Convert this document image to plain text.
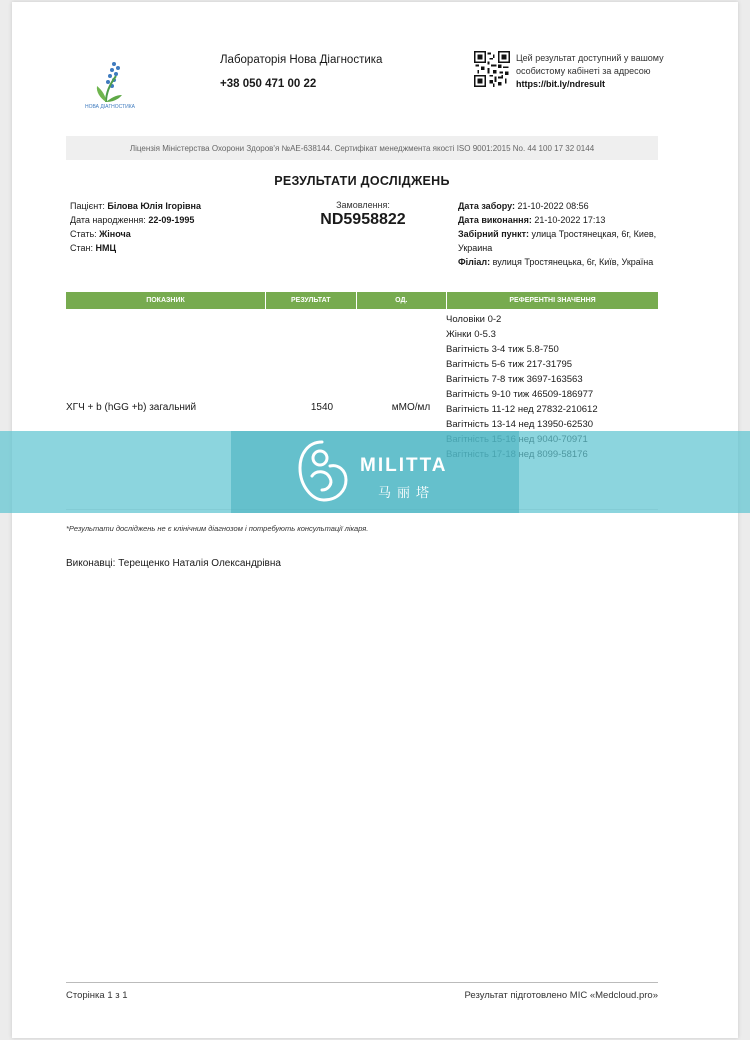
НОВА ДІАГНОСТИКА
Лабораторія Нова Діагностика
+38 050 471 00 22
Цей результат доступний у вашому особистому кабінеті за адресою https://bit.ly/ndresult
Ліцензія Міністерства Охорони Здоров'я №AE-638144. Сертифікат менеджмента якості ISO 9001:2015 No. 44 100 17 32 0144
РЕЗУЛЬТАТИ ДОСЛІДЖЕНЬ
Пацієнт: Білова Юлія Ігорівна
Дата народження: 22-09-1995
Стать: Жіноча
Стан: НМЦ
Замовлення:
ND5958822
Дата забору: 21-10-2022 08:56
Дата виконання: 21-10-2022 17:13
Забірний пункт: улица Тростянецкая, 6г, Киев, Украина
Філіал: вулиця Тростянецька, 6г, Київ, Україна
ПОКАЗНИК	РЕЗУЛЬТАТ	ОД.	РЕФЕРЕНТНІ ЗНАЧЕННЯ
ХГЧ + b (hGG +b) загальний	1540	мМО/мл
Чоловіки 0-2
Жінки 0-5.3
Вагітність 3-4 тиж 5.8-750
Вагітність 5-6 тиж 217-31795
Вагітність 7-8 тиж 3697-163563
Вагітність 9-10 тиж 46509-186977
Вагітність 11-12 нед 27832-210612
Вагітність 13-14 нед 13950-62530
*Результати досліджень не є клінічним діагнозом і потребують консультації лікаря.
Виконавці: Терещенко Наталія Олександрівна
Сторінка 1 з 1	Результат підготовлено МІС «Medcloud.pro»
MILITTA
马丽塔
